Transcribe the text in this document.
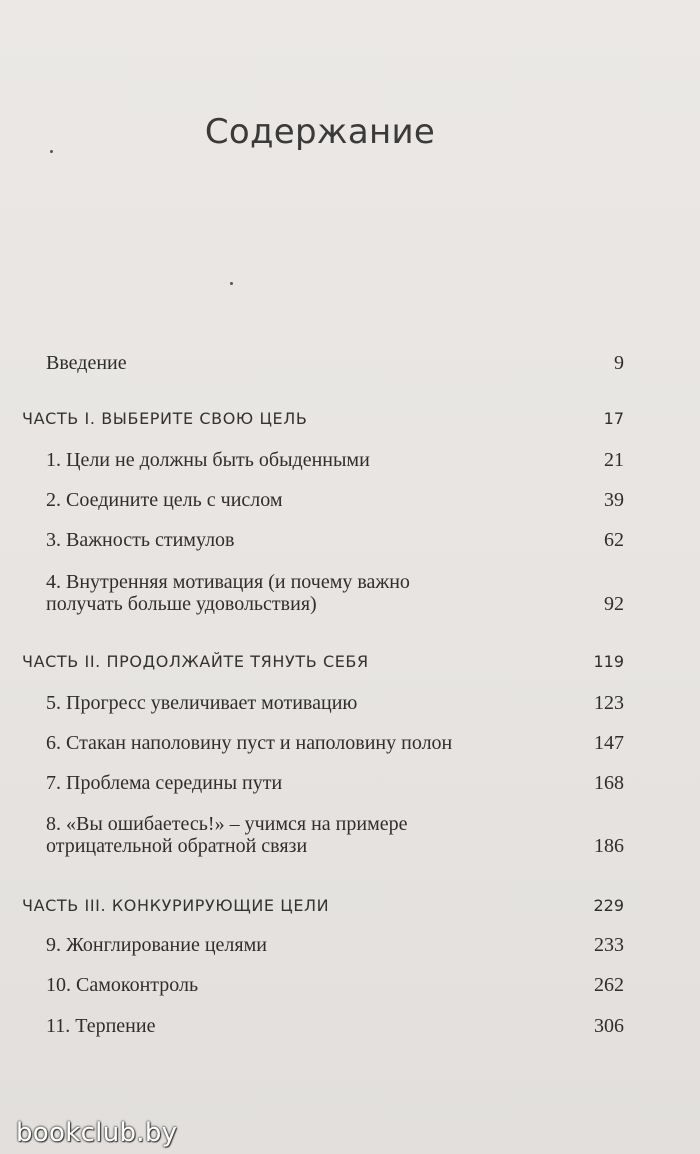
Содержание
Введение	9
ЧАСТЬ I. ВЫБЕРИТЕ СВОЮ ЦЕЛЬ	17
1. Цели не должны быть обыденными	21
2. Соедините цель с числом	39
3. Важность стимулов	62
4. Внутренняя мотивация (и почему важно
получать больше удовольствия)	92
ЧАСТЬ II. ПРОДОЛЖАЙТЕ ТЯНУТЬ СЕБЯ	119
5. Прогресс увеличивает мотивацию	123
6. Стакан наполовину пуст и наполовину полон	147
7. Проблема середины пути	168
8. «Вы ошибаетесь!» – учимся на примере
отрицательной обратной связи	186
ЧАСТЬ III. КОНКУРИРУЮЩИЕ ЦЕЛИ	229
9. Жонглирование целями	233
10. Самоконтроль	262
11. Терпение	306
bookclub.by
